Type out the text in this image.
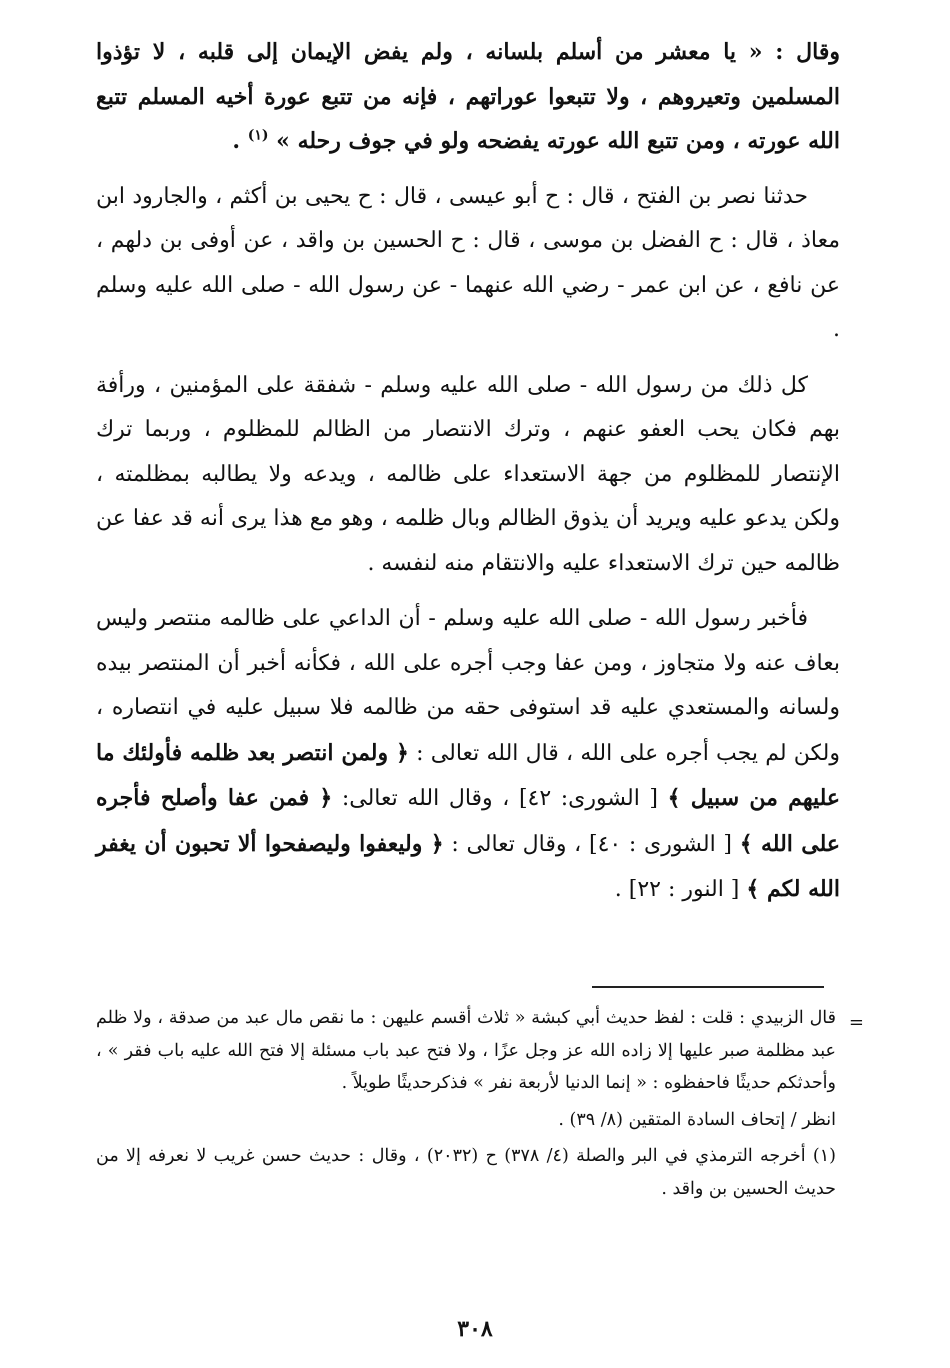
وقال : « يا معشر من أسلم بلسانه ، ولم يفض الإيمان إلى قلبه ، لا تؤذوا المسلمين وتعيروهم ، ولا تتبعوا عوراتهم ، فإنه من تتبع عورة أخيه المسلم تتبع الله عورته ، ومن تتبع الله عورته يفضحه ولو في جوف رحله » $^{(١)}$ .

حدثنا نصر بن الفتح ، قال : ح أبو عيسى ، قال : ح يحيى بن أكثم ، والجارود ابن معاذ ، قال : ح الفضل بن موسى ، قال : ح الحسين بن واقد ، عن أوفى بن دلهم ، عن نافع ، عن ابن عمر - رضي الله عنهما - عن رسول الله - صلى الله عليه وسلم .

كل ذلك من رسول الله - صلى الله عليه وسلم - شفقة على المؤمنين ، ورأفة بهم فكان يحب العفو عنهم ، وترك الانتصار من الظالم للمظلوم ، وربما ترك الإنتصار للمظلوم من جهة الاستعداء على ظالمه ، ويدعه ولا يطالبه بمظلمته ، ولكن يدعو عليه ويريد أن يذوق الظالم وبال ظلمه ، وهو مع هذا يرى أنه قد عفا عن ظالمه حين ترك الاستعداء عليه والانتقام منه لنفسه .

فأخبر رسول الله - صلى الله عليه وسلم - أن الداعي على ظالمه منتصر وليس بعاف عنه ولا متجاوز ، ومن عفا وجب أجره على الله ، فكأنه أخبر أن المنتصر بيده ولسانه والمستعدي عليه قد استوفى حقه من ظالمه فلا سبيل عليه في انتصاره ، ولكن لم يجب أجره على الله ، قال الله تعالى : ﴿ ولمن انتصر بعد ظلمه فأولئك ما عليهم من سبيل ﴾ [ الشورى: ٤٢] ، وقال الله تعالى: ﴿ فمن عفا وأصلح فأجره على الله ﴾ [ الشورى : ٤٠] ، وقال تعالى : ﴿ وليعفوا وليصفحوا ألا تحبون أن يغفر الله لكم ﴾ [ النور : ٢٢] .

=

قال الزبيدي : قلت : لفظ حديث أبي كبشة « ثلاث أقسم عليهن : ما نقص مال عبد من صدقة ، ولا ظلم عبد مظلمة صبر عليها إلا زاده الله عز وجل عزًا ، ولا فتح عبد باب مسئلة إلا فتح الله عليه باب فقر » ، وأحدثكم حديثًا فاحفظوه : « إنما الدنيا لأربعة نفر » فذكرحديثًا طويلاً .

انظر / إتحاف السادة المتقين (٨/ ٣٩) .

(١) أخرجه الترمذي في البر والصلة (٤/ ٣٧٨) ح (٢٠٣٢) ، وقال : حديث حسن غريب لا نعرفه إلا من حديث الحسين بن واقد .

٣٠٨
